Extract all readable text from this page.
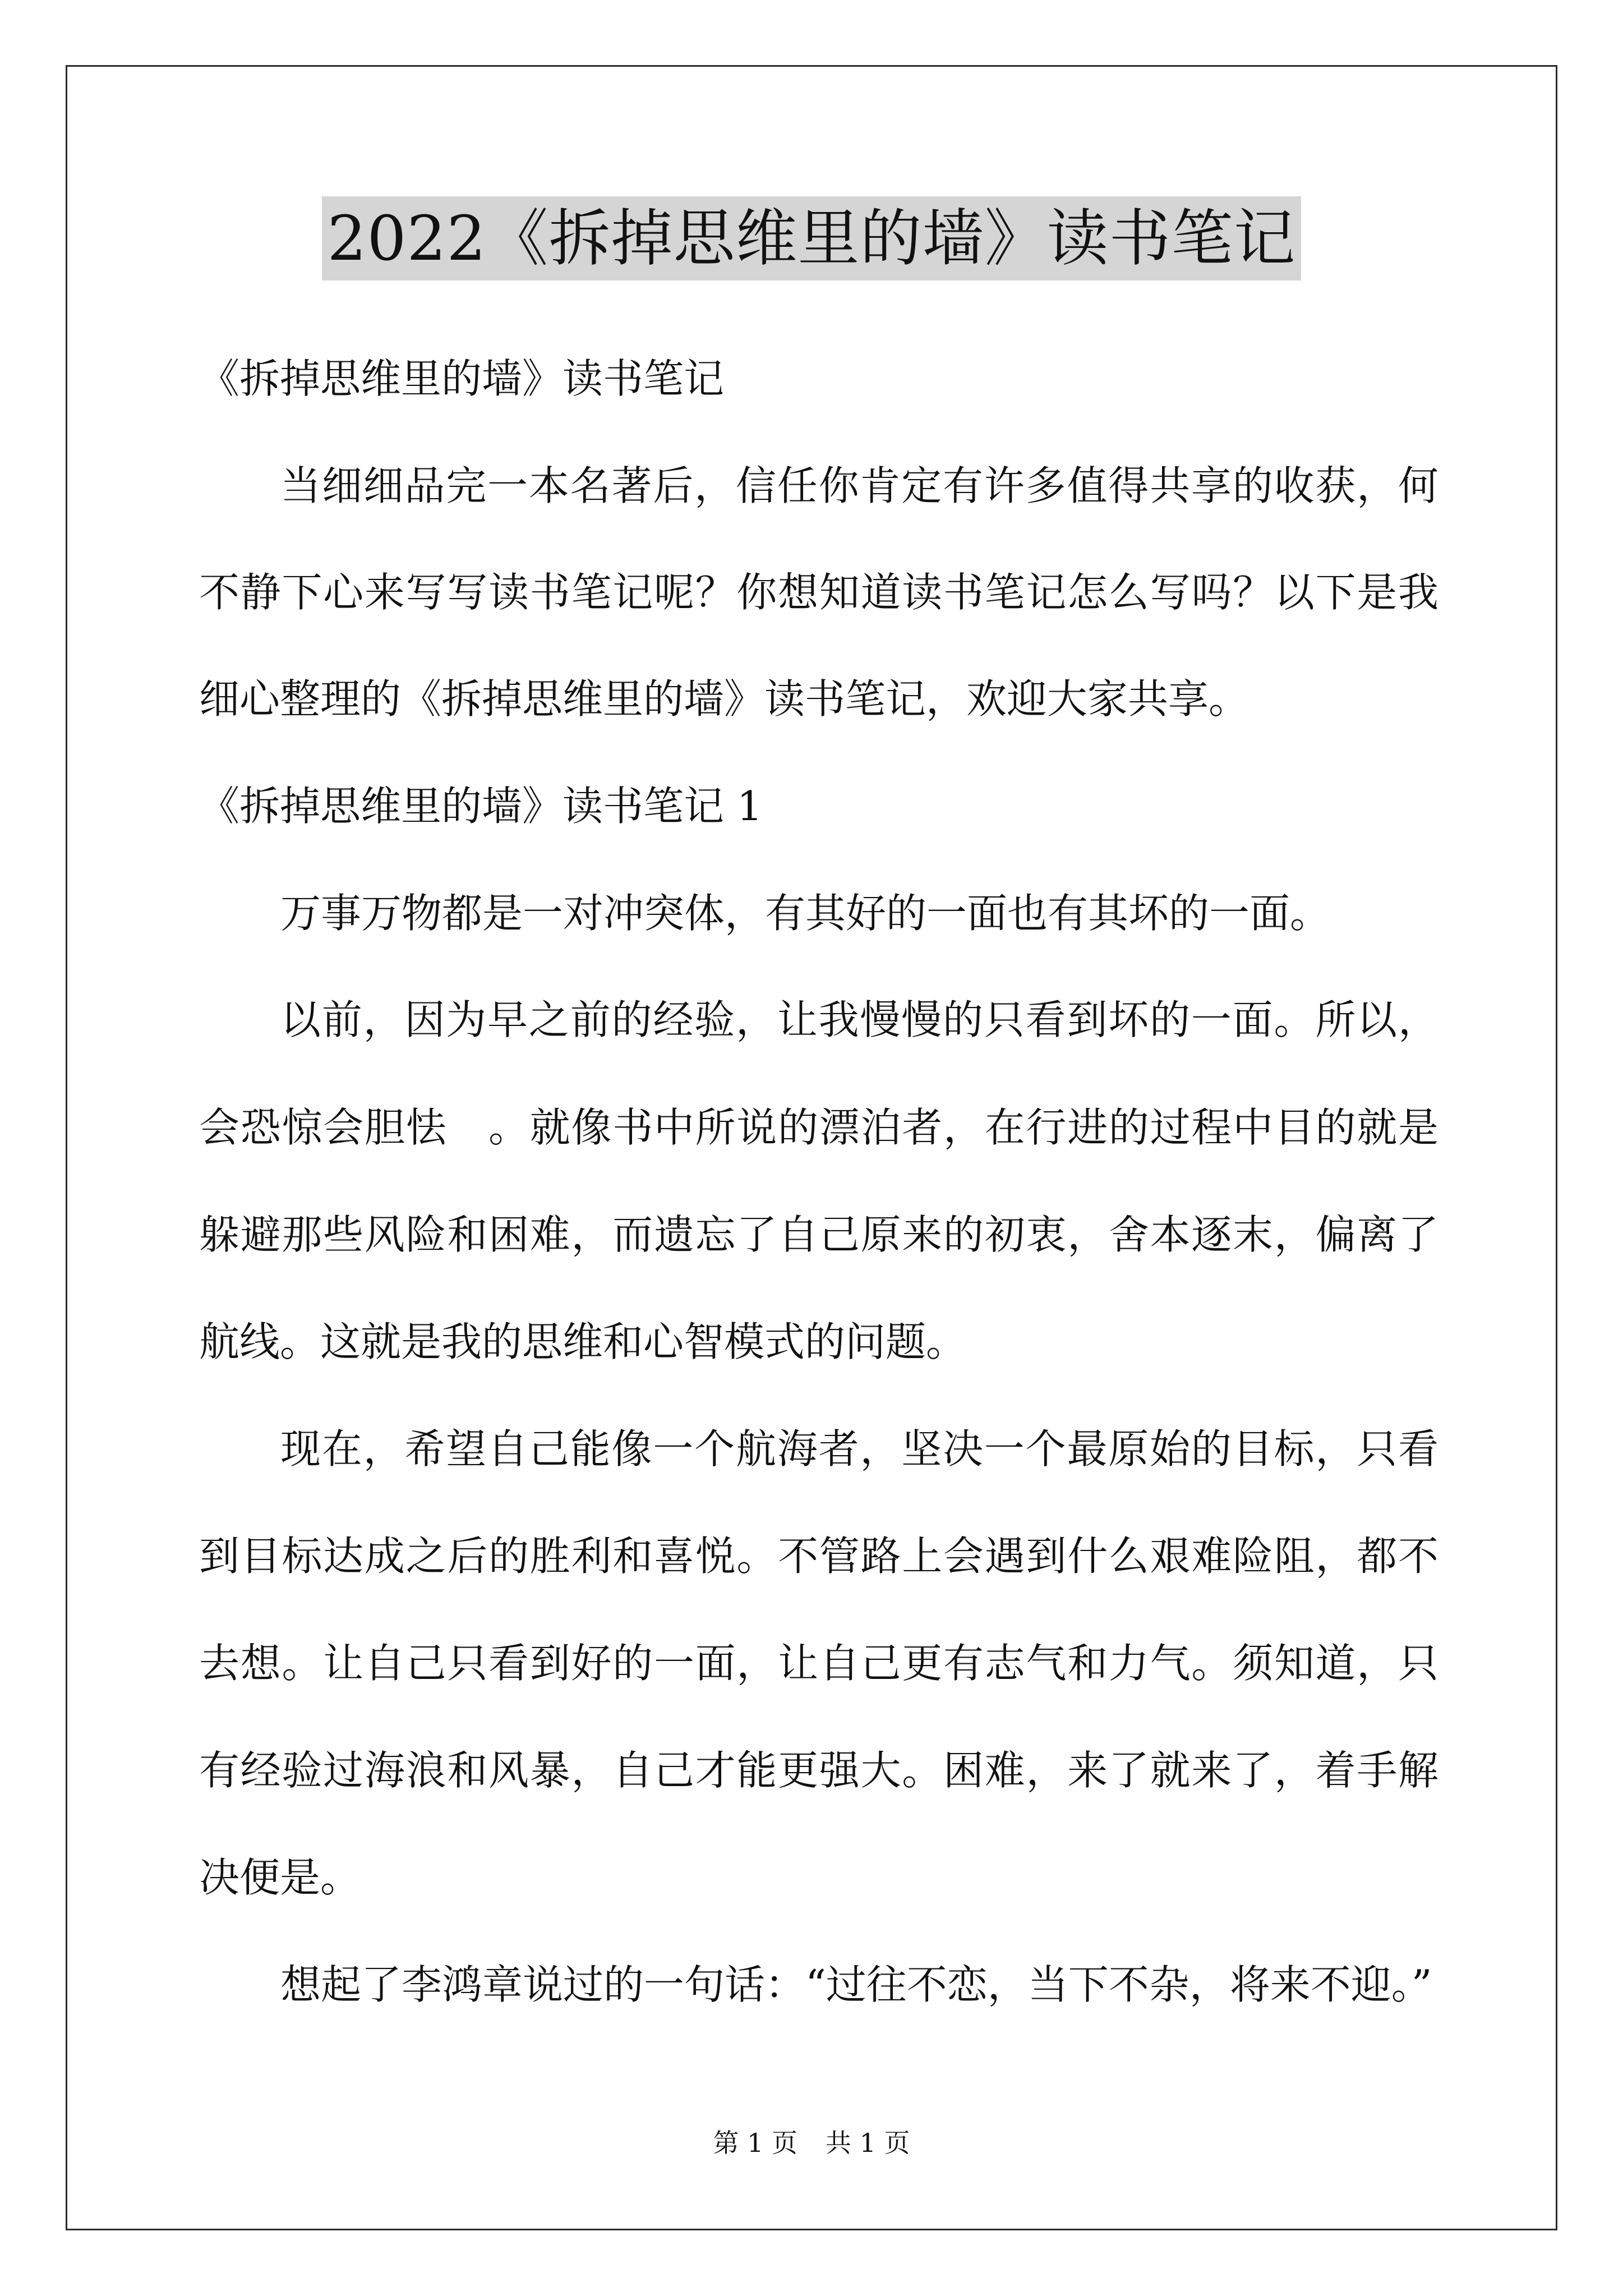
2022《拆掉思维里的墙》读书笔记
《拆掉思维里的墙》读书笔记
当细细品完一本名著后，信任你肯定有许多值得共享的收获，何
不静下心来写写读书笔记呢？你想知道读书笔记怎么写吗？以下是我
细心整理的《拆掉思维里的墙》读书笔记，欢迎大家共享。
《拆掉思维里的墙》读书笔记 1
万事万物都是一对冲突体，有其好的一面也有其坏的一面。
以前，因为早之前的经验，让我慢慢的只看到坏的一面。所以，
会恐惊会胆怯　。就像书中所说的漂泊者，在行进的过程中目的就是
躲避那些风险和困难，而遗忘了自己原来的初衷，舍本逐末，偏离了
航线。这就是我的思维和心智模式的问题。
现在，希望自己能像一个航海者，坚决一个最原始的目标，只看
到目标达成之后的胜利和喜悦。不管路上会遇到什么艰难险阻，都不
去想。让自己只看到好的一面，让自己更有志气和力气。须知道，只
有经验过海浪和风暴，自己才能更强大。困难，来了就来了，着手解
决便是。
想起了李鸿章说过的一句话：“过往不恋，当下不杂，将来不迎。”
第 1 页 共 1 页
